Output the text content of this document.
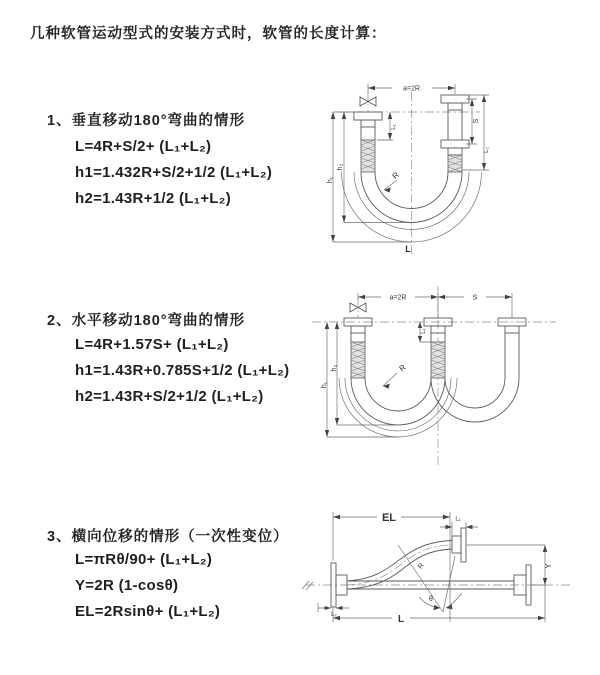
几种软管运动型式的安装方式时，软管的长度计算：
1、垂直移动180°弯曲的情形
L=4R+S/2+ (L₁+L₂)
h1=1.432R+S/2+1/2 (L₁+L₂)
h2=1.43R+1/2 (L₁+L₂)
2、水平移动180°弯曲的情形
L=4R+1.57S+ (L₁+L₂)
h1=1.43R+0.785S+1/2 (L₁+L₂)
h2=1.43R+S/2+1/2 (L₁+L₂)
3、横向位移的情形（一次性变位）
L=πRθ/90+ (L₁+L₂)
Y=2R (1-cosθ)
EL=2Rsinθ+ (L₁+L₂)
a=2R
S
L₂
L₁
h₁
h₂
R
L
a=2R	S
h₁
h₂
L₁
R
θ
R
EL	L₁
L₂
Y
L
